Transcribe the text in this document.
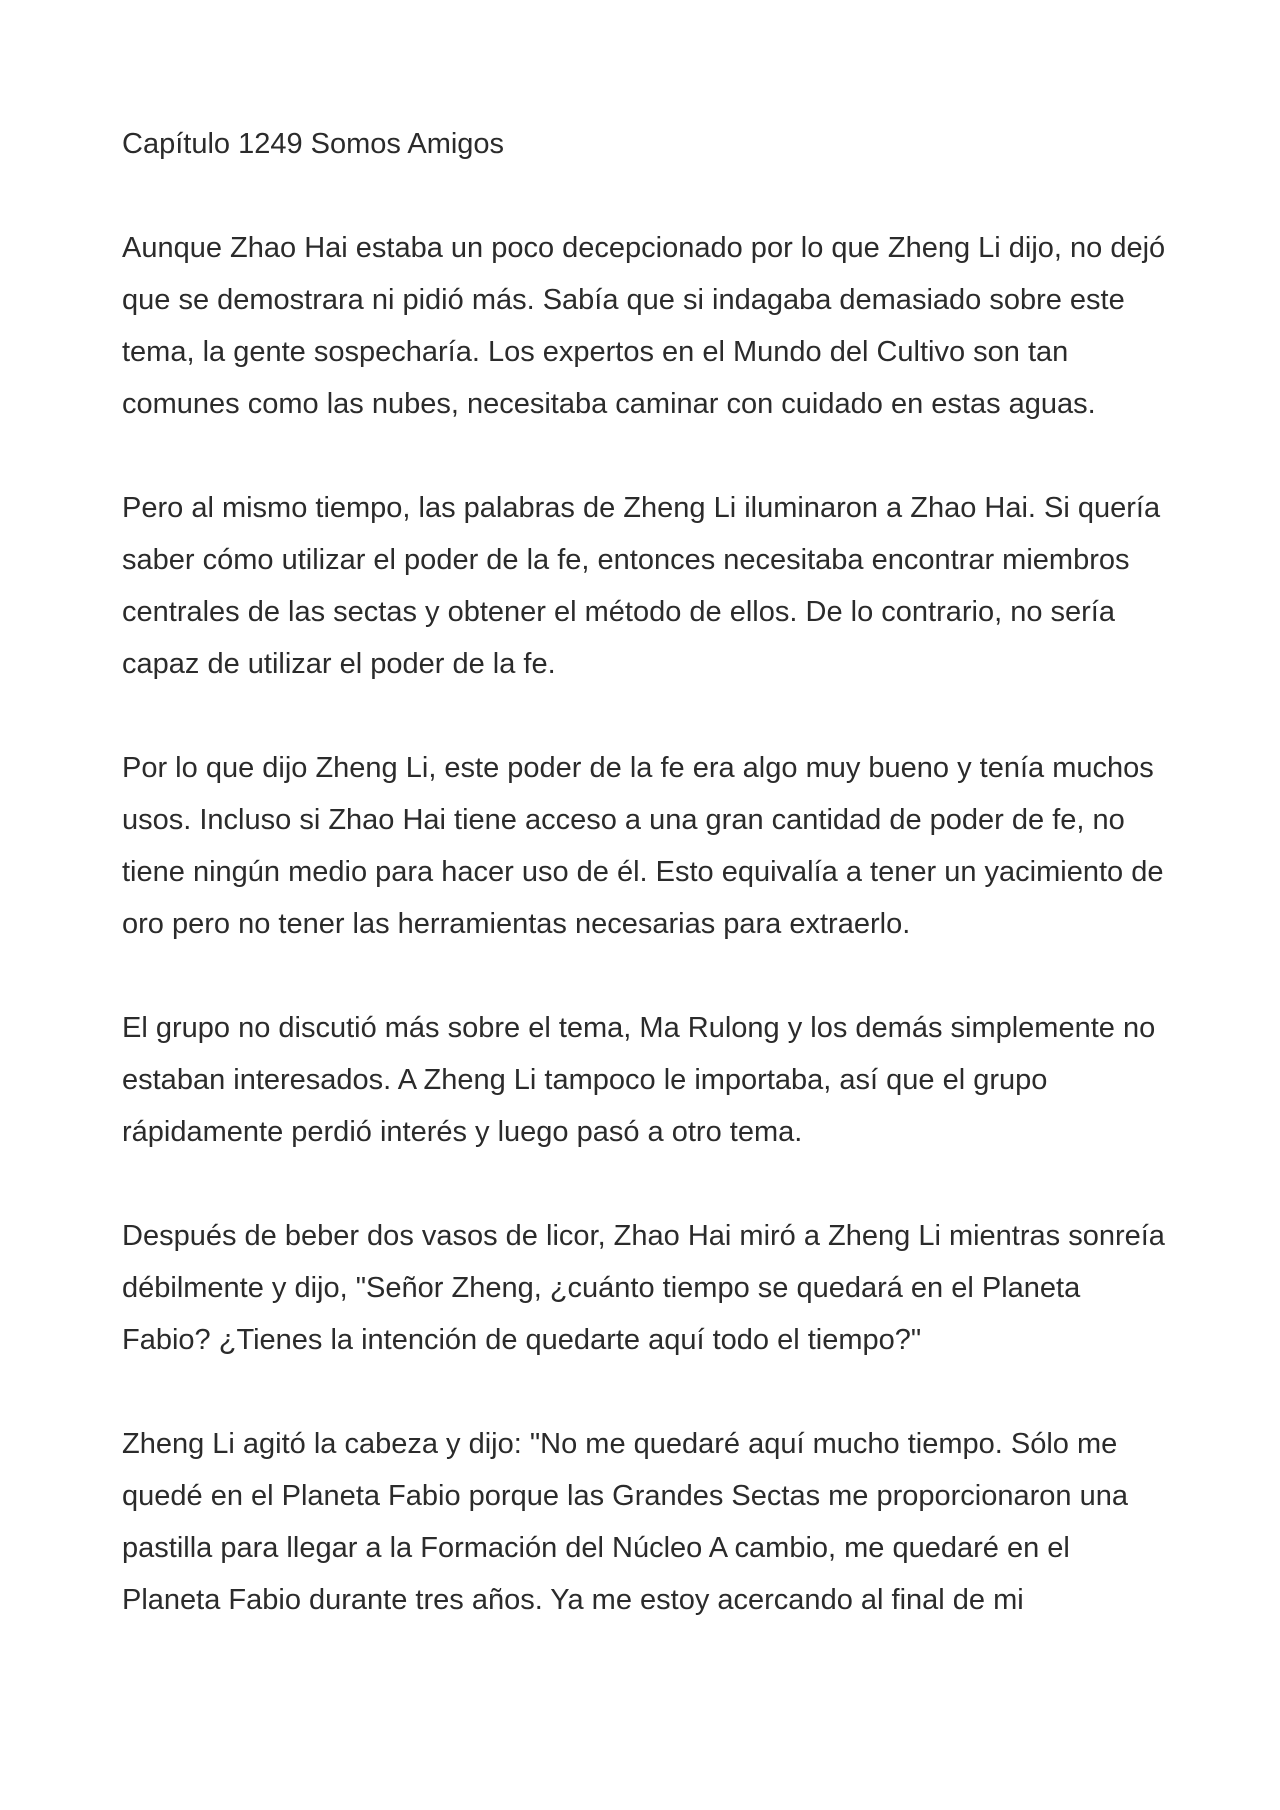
Capítulo 1249 Somos Amigos

Aunque Zhao Hai estaba un poco decepcionado por lo que Zheng Li dijo, no dejó que se demostrara ni pidió más. Sabía que si indagaba demasiado sobre este tema, la gente sospecharía. Los expertos en el Mundo del Cultivo son tan comunes como las nubes, necesitaba caminar con cuidado en estas aguas.

Pero al mismo tiempo, las palabras de Zheng Li iluminaron a Zhao Hai. Si quería saber cómo utilizar el poder de la fe, entonces necesitaba encontrar miembros centrales de las sectas y obtener el método de ellos. De lo contrario, no sería capaz de utilizar el poder de la fe.

Por lo que dijo Zheng Li, este poder de la fe era algo muy bueno y tenía muchos usos. Incluso si Zhao Hai tiene acceso a una gran cantidad de poder de fe, no tiene ningún medio para hacer uso de él. Esto equivalía a tener un yacimiento de oro pero no tener las herramientas necesarias para extraerlo.

El grupo no discutió más sobre el tema, Ma Rulong y los demás simplemente no estaban interesados. A Zheng Li tampoco le importaba, así que el grupo rápidamente perdió interés y luego pasó a otro tema.

Después de beber dos vasos de licor, Zhao Hai miró a Zheng Li mientras sonreía débilmente y dijo, "Señor Zheng, ¿cuánto tiempo se quedará en el Planeta Fabio? ¿Tienes la intención de quedarte aquí todo el tiempo?"

Zheng Li agitó la cabeza y dijo: "No me quedaré aquí mucho tiempo. Sólo me quedé en el Planeta Fabio porque las Grandes Sectas me proporcionaron una pastilla para llegar a la Formación del Núcleo A cambio, me quedaré en el Planeta Fabio durante tres años. Ya me estoy acercando al final de mi
